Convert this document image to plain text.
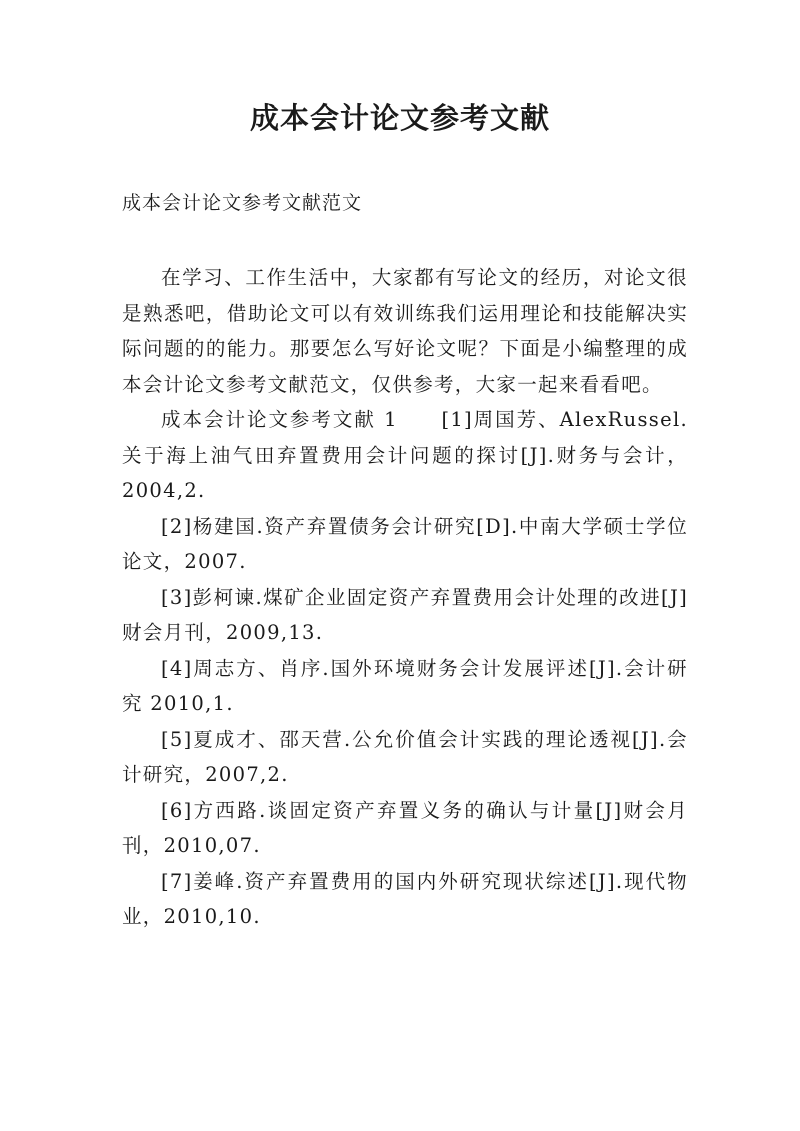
成本会计论文参考文献

成本会计论文参考文献范文

在学习、工作生活中，大家都有写论文的经历，对论文很是熟悉吧，借助论文可以有效训练我们运用理论和技能解决实际问题的的能力。那要怎么写好论文呢？下面是小编整理的成本会计论文参考文献范文，仅供参考，大家一起来看看吧。

成本会计论文参考文献 1　　[1]周国芳、AlexRussel.关于海上油气田弃置费用会计问题的探讨[J].财务与会计，2004,2.

[2]杨建国.资产弃置债务会计研究[D].中南大学硕士学位论文，2007.

[3]彭柯谏.煤矿企业固定资产弃置费用会计处理的改进[J]财会月刊，2009,13.

[4]周志方、肖序.国外环境财务会计发展评述[J].会计研究 2010,1.

[5]夏成才、邵天营.公允价值会计实践的理论透视[J].会计研究，2007,2.

[6]方西路.谈固定资产弃置义务的确认与计量[J]财会月刊，2010,07.

[7]姜峰.资产弃置费用的国内外研究现状综述[J].现代物业，2010,10.
